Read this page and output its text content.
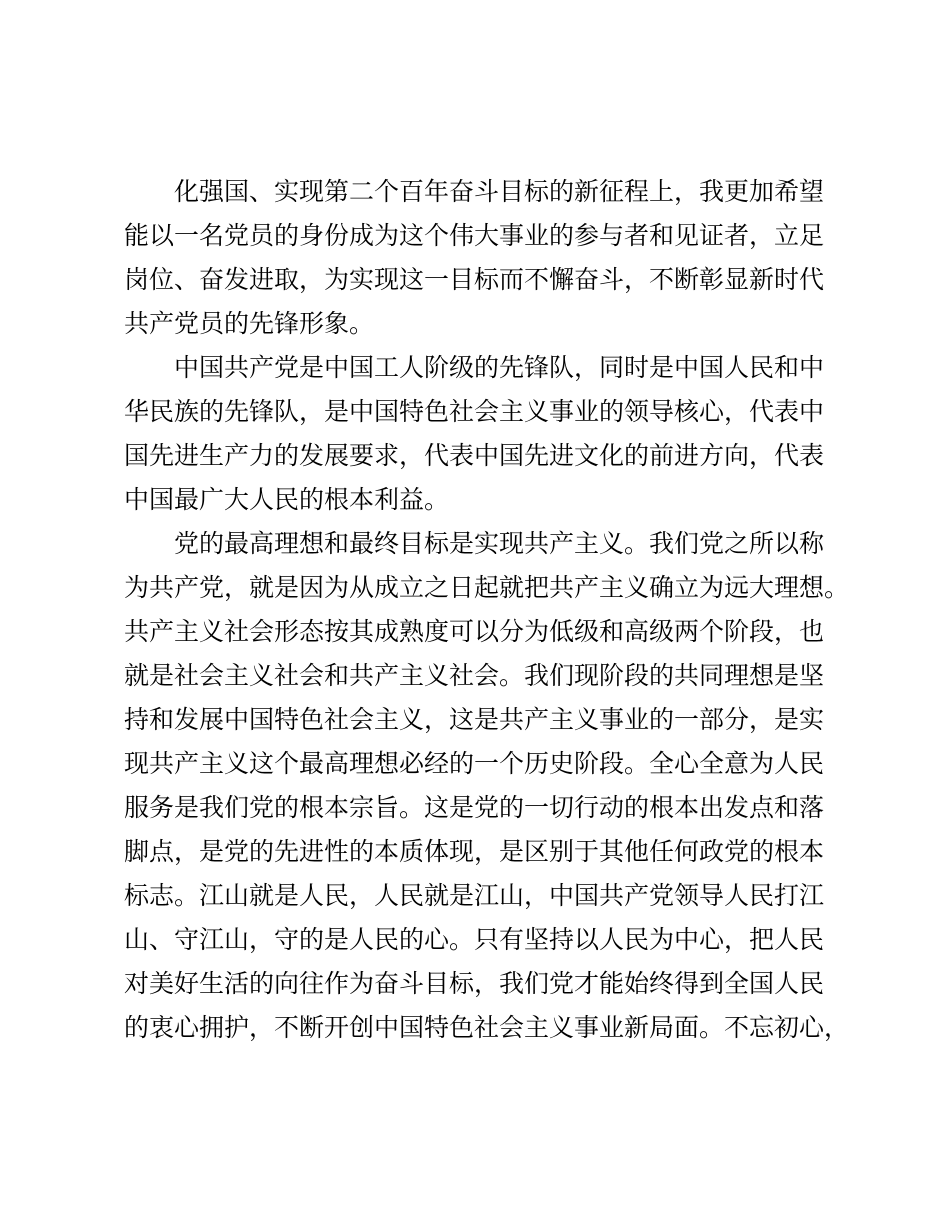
化强国、实现第二个百年奋斗目标的新征程上，我更加希望
能以一名党员的身份成为这个伟大事业的参与者和见证者，立足
岗位、奋发进取，为实现这一目标而不懈奋斗，不断彰显新时代
共产党员的先锋形象。
中国共产党是中国工人阶级的先锋队，同时是中国人民和中
华民族的先锋队，是中国特色社会主义事业的领导核心，代表中
国先进生产力的发展要求，代表中国先进文化的前进方向，代表
中国最广大人民的根本利益。
党的最高理想和最终目标是实现共产主义。我们党之所以称
为共产党，就是因为从成立之日起就把共产主义确立为远大理想。
共产主义社会形态按其成熟度可以分为低级和高级两个阶段，也
就是社会主义社会和共产主义社会。我们现阶段的共同理想是坚
持和发展中国特色社会主义，这是共产主义事业的一部分，是实
现共产主义这个最高理想必经的一个历史阶段。全心全意为人民
服务是我们党的根本宗旨。这是党的一切行动的根本出发点和落
脚点，是党的先进性的本质体现，是区别于其他任何政党的根本
标志。江山就是人民，人民就是江山，中国共产党领导人民打江
山、守江山，守的是人民的心。只有坚持以人民为中心，把人民
对美好生活的向往作为奋斗目标，我们党才能始终得到全国人民
的衷心拥护，不断开创中国特色社会主义事业新局面。不忘初心，
